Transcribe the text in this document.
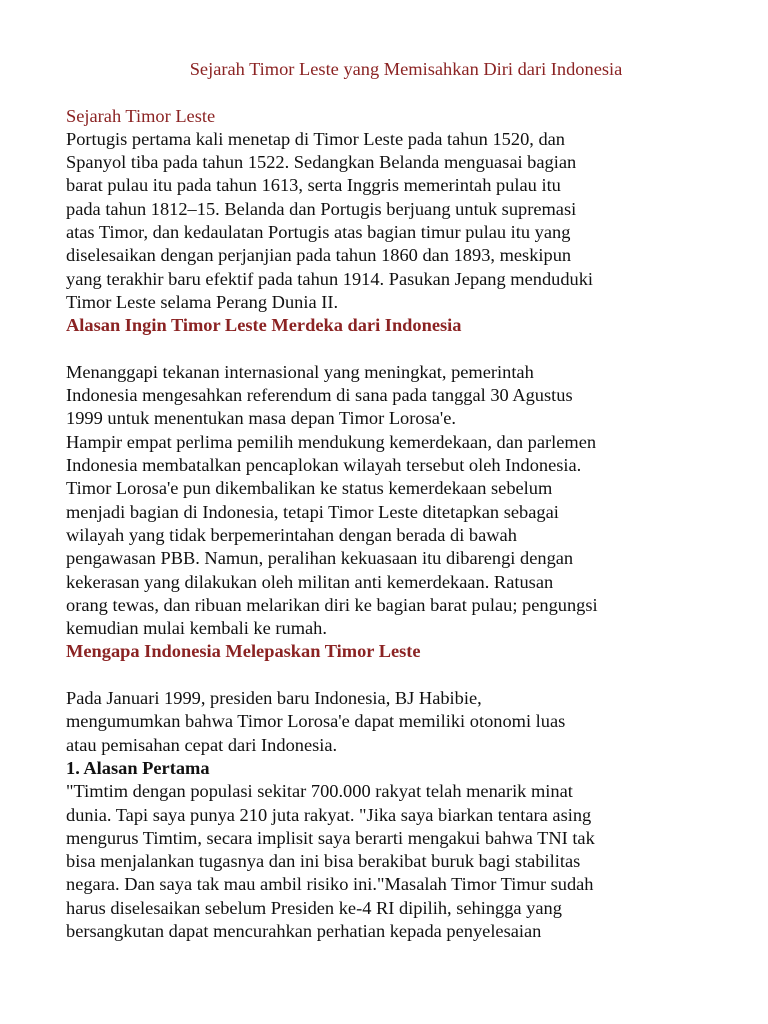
Sejarah Timor Leste yang Memisahkan Diri dari Indonesia

Sejarah Timor Leste

Portugis pertama kali menetap di Timor Leste pada tahun 1520, dan
Spanyol tiba pada tahun 1522. Sedangkan Belanda menguasai bagian
barat pulau itu pada tahun 1613, serta Inggris memerintah pulau itu
pada tahun 1812–15. Belanda dan Portugis berjuang untuk supremasi
atas Timor, dan kedaulatan Portugis atas bagian timur pulau itu yang
diselesaikan dengan perjanjian pada tahun 1860 dan 1893, meskipun
yang terakhir baru efektif pada tahun 1914. Pasukan Jepang menduduki
Timor Leste selama Perang Dunia II.

Alasan Ingin Timor Leste Merdeka dari Indonesia

Menanggapi tekanan internasional yang meningkat, pemerintah
Indonesia mengesahkan referendum di sana pada tanggal 30 Agustus
1999 untuk menentukan masa depan Timor Lorosa'e.
Hampir empat perlima pemilih mendukung kemerdekaan, dan parlemen
Indonesia membatalkan pencaplokan wilayah tersebut oleh Indonesia.
Timor Lorosa'e pun dikembalikan ke status kemerdekaan sebelum
menjadi bagian di Indonesia, tetapi Timor Leste ditetapkan sebagai
wilayah yang tidak berpemerintahan dengan berada di bawah
pengawasan PBB. Namun, peralihan kekuasaan itu dibarengi dengan
kekerasan yang dilakukan oleh militan anti kemerdekaan. Ratusan
orang tewas, dan ribuan melarikan diri ke bagian barat pulau; pengungsi
kemudian mulai kembali ke rumah.

Mengapa Indonesia Melepaskan Timor Leste

Pada Januari 1999, presiden baru Indonesia, BJ Habibie,
mengumumkan bahwa Timor Lorosa'e dapat memiliki otonomi luas
atau pemisahan cepat dari Indonesia.

1. Alasan Pertama

"Timtim dengan populasi sekitar 700.000 rakyat telah menarik minat
dunia. Tapi saya punya 210 juta rakyat. "Jika saya biarkan tentara asing
mengurus Timtim, secara implisit saya berarti mengakui bahwa TNI tak
bisa menjalankan tugasnya dan ini bisa berakibat buruk bagi stabilitas
negara. Dan saya tak mau ambil risiko ini."Masalah Timor Timur sudah
harus diselesaikan sebelum Presiden ke-4 RI dipilih, sehingga yang
bersangkutan dapat mencurahkan perhatian kepada penyelesaian
